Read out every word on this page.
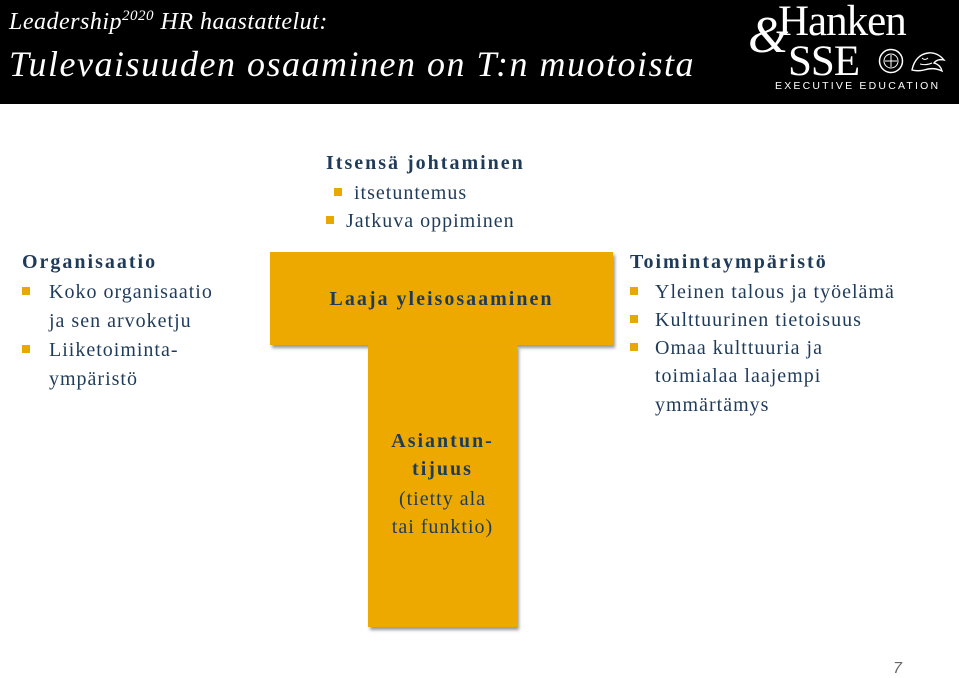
Leadership$^{2020}$ HR haastattelut:
Tulevaisuuden osaaminen on T:n muotoista &
Hanken
SSE
EXECUTIVE EDUCATION
Itsensä johtaminen
itsetuntemus
Jatkuva oppiminen
Organisaatio
Koko organisaatio
ja sen arvoketju
Liiketoiminta-
ympäristö
Laaja yleisosaaminen
Asiantun-
tijuus
(tietty ala
tai funktio)
Toimintaympäristö
Yleinen talous ja työelämä
Kulttuurinen tietoisuus
Omaa kulttuuria ja
toimialaa laajempi
ymmärtämys
7
